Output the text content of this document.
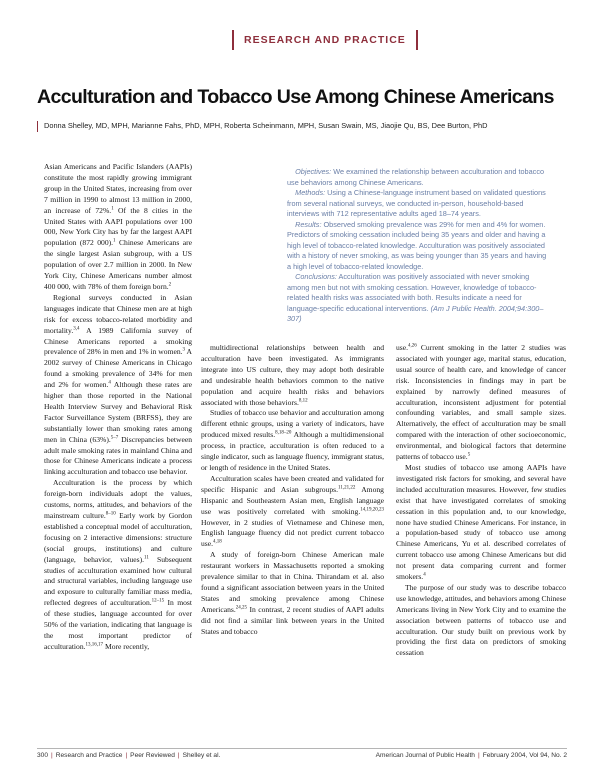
RESEARCH AND PRACTICE
Acculturation and Tobacco Use Among Chinese Americans
Donna Shelley, MD, MPH, Marianne Fahs, PhD, MPH, Roberta Scheinmann, MPH, Susan Swain, MS, Jiaojie Qu, BS, Dee Burton, PhD

Objectives: We examined the relationship between acculturation and tobacco use behaviors among Chinese Americans.

Methods: Using a Chinese-language instrument based on validated questions from several national surveys, we conducted in-person, household-based interviews with 712 representative adults aged 18–74 years.

Results: Observed smoking prevalence was 29% for men and 4% for women. Predictors of smoking cessation included being 35 years and older and having a high level of tobacco-related knowledge. Acculturation was positively associated with a history of never smoking, as was being younger than 35 years and having a high level of tobacco-related knowledge.

Conclusions: Acculturation was positively associated with never smoking among men but not with smoking cessation. However, knowledge of tobacco-related health risks was associated with both. Results indicate a need for language-specific educational interventions. (Am J Public Health. 2004;94:300–307)

Asian Americans and Pacific Islanders (AAPIs) constitute the most rapidly growing immigrant group in the United States, increasing from over 7 million in 1990 to almost 13 million in 2000, an increase of 72%.$^1$ Of the 8 cities in the United States with AAPI populations over 100 000, New York City has by far the largest AAPI population (872 000).$^1$ Chinese Americans are the single largest Asian subgroup, with a US population of over 2.7 million in 2000. In New York City, Chinese Americans number almost 400 000, with 78% of them foreign born.$^2$

Regional surveys conducted in Asian languages indicate that Chinese men are at high risk for excess tobacco-related morbidity and mortality.$^{3,4}$ A 1989 California survey of Chinese Americans reported a smoking prevalence of 28% in men and 1% in women.$^3$ A 2002 survey of Chinese Americans in Chicago found a smoking prevalence of 34% for men and 2% for women.$^4$ Although these rates are higher than those reported in the National Health Interview Survey and Behavioral Risk Factor Surveillance System (BRFSS), they are substantially lower than smoking rates among men in China (63%).$^{5-7}$ Discrepancies between adult male smoking rates in mainland China and those for Chinese Americans indicate a process linking acculturation and tobacco use behavior.

Acculturation is the process by which foreign-born individuals adopt the values, customs, norms, attitudes, and behaviors of the mainstream culture.$^{8-10}$ Early work by Gordon established a conceptual model of acculturation, focusing on 2 interactive dimensions: structure (social groups, institutions) and culture (language, behavior, values).$^{11}$ Subsequent studies of acculturation examined how cultural and structural variables, including language use and exposure to culturally familiar mass media, reflected degrees of acculturation.$^{12-15}$ In most of these studies, language accounted for over 50% of the variation, indicating that language is the most important predictor of acculturation.$^{13,16,17}$ More recently,

multidirectional relationships between health and acculturation have been investigated. As immigrants integrate into US culture, they may adopt both desirable and undesirable health behaviors common to the native population and acquire health risks and behaviors associated with those behaviors.$^{8,12}$

Studies of tobacco use behavior and acculturation among different ethnic groups, using a variety of indicators, have produced mixed results.$^{8,18-20}$ Although a multidimensional process, in practice, acculturation is often reduced to a single indicator, such as language fluency, immigrant status, or length of residence in the United States.

Acculturation scales have been created and validated for specific Hispanic and Asian subgroups.$^{11,21,22}$ Among Hispanic and Southeastern Asian men, English language use was positively correlated with smoking.$^{14,19,20,23}$ However, in 2 studies of Vietnamese and Chinese men, English language fluency did not predict current tobacco use.$^{4,18}$

A study of foreign-born Chinese American male restaurant workers in Massachusetts reported a smoking prevalence similar to that in China. Thirandam et al. also found a significant association between years in the United States and smoking prevalence among Chinese Americans.$^{24,25}$ In contrast, 2 recent studies of AAPI adults did not find a similar link between years in the United States and tobacco

use.$^{4,26}$ Current smoking in the latter 2 studies was associated with younger age, marital status, education, usual source of health care, and knowledge of cancer risk. Inconsistencies in findings may in part be explained by narrowly defined measures of acculturation, inconsistent adjustment for potential confounding variables, and small sample sizes. Alternatively, the effect of acculturation may be small compared with the interaction of other socioeconomic, environmental, and biological factors that determine patterns of tobacco use.$^5$

Most studies of tobacco use among AAPIs have investigated risk factors for smoking, and several have included acculturation measures. However, few studies exist that have investigated correlates of smoking cessation in this population and, to our knowledge, none have studied Chinese Americans. For instance, in a population-based study of tobacco use among Chinese Americans, Yu et al. described correlates of current tobacco use among Chinese Americans but did not present data comparing current and former smokers.$^4$

The purpose of our study was to describe tobacco use knowledge, attitudes, and behaviors among Chinese Americans living in New York City and to examine the association between patterns of tobacco use and acculturation. Our study built on previous work by providing the first data on predictors of smoking cessation

300 | Research and Practice | Peer Reviewed | Shelley et al.	American Journal of Public Health | February 2004, Vol 94, No. 2
